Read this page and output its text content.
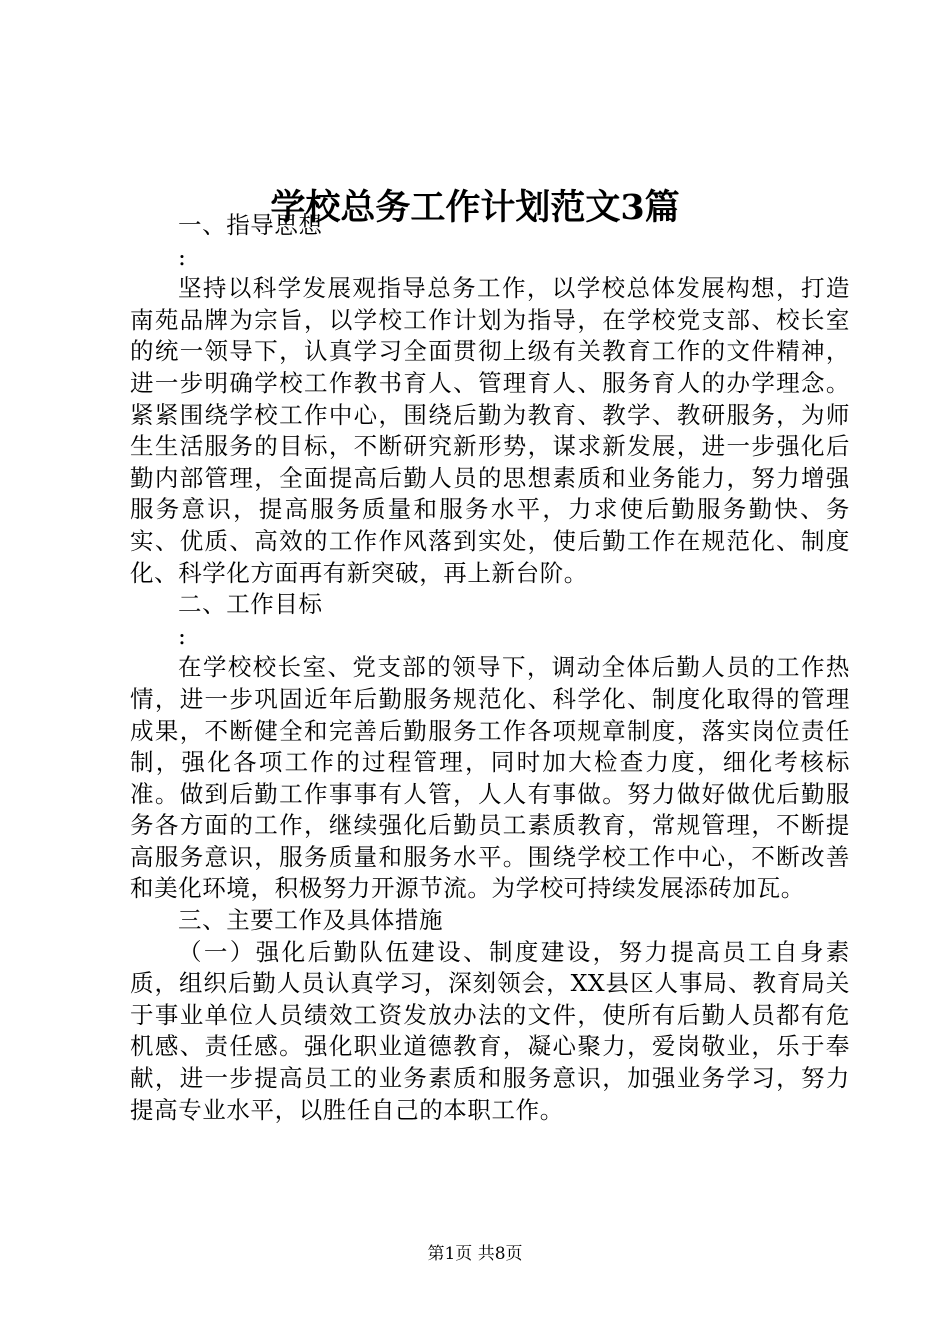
学校总务工作计划范文3篇

一、指导思想

:

坚持以科学发展观指导总务工作，以学校总体发展构想，打造南苑品牌为宗旨，以学校工作计划为指导，在学校党支部、校长室的统一领导下，认真学习全面贯彻上级有关教育工作的文件精神，进一步明确学校工作教书育人、管理育人、服务育人的办学理念。紧紧围绕学校工作中心，围绕后勤为教育、教学、教研服务，为师生生活服务的目标，不断研究新形势，谋求新发展，进一步强化后勤内部管理，全面提高后勤人员的思想素质和业务能力，努力增强服务意识，提高服务质量和服务水平，力求使后勤服务勤快、务实、优质、高效的工作作风落到实处，使后勤工作在规范化、制度化、科学化方面再有新突破，再上新台阶。

二、工作目标

:

在学校校长室、党支部的领导下，调动全体后勤人员的工作热情，进一步巩固近年后勤服务规范化、科学化、制度化取得的管理成果，不断健全和完善后勤服务工作各项规章制度，落实岗位责任制，强化各项工作的过程管理，同时加大检查力度，细化考核标准。做到后勤工作事事有人管，人人有事做。努力做好做优后勤服务各方面的工作，继续强化后勤员工素质教育，常规管理，不断提高服务意识，服务质量和服务水平。围绕学校工作中心，不断改善和美化环境，积极努力开源节流。为学校可持续发展添砖加瓦。

三、主要工作及具体措施

（一）强化后勤队伍建设、制度建设，努力提高员工自身素质，组织后勤人员认真学习，深刻领会，XX县区人事局、教育局关于事业单位人员绩效工资发放办法的文件，使所有后勤人员都有危机感、责任感。强化职业道德教育，凝心聚力，爱岗敬业，乐于奉献，进一步提高员工的业务素质和服务意识，加强业务学习，努力提高专业水平，以胜任自己的本职工作。

第1页 共8页
